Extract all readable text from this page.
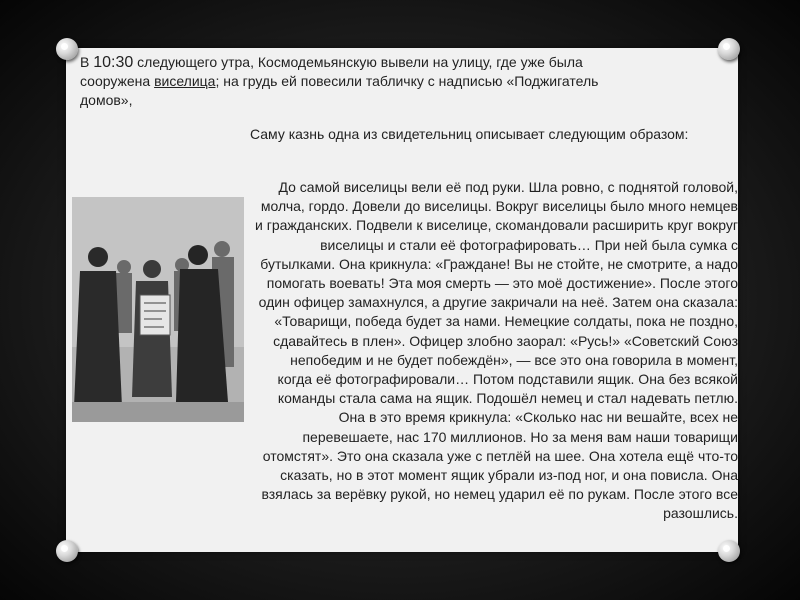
В 10:30 следующего утра, Космодемьянскую вывели на улицу, где уже была сооружена виселица; на грудь ей повесили табличку с надписью «Поджигатель домов»,
Саму казнь одна из свидетельниц описывает следующим образом:
До самой виселицы вели её под руки. Шла ровно, с поднятой головой, молча, гордо. Довели до виселицы. Вокруг виселицы было много немцев и гражданских. Подвели к виселице, скомандовали расширить круг вокруг виселицы и стали её фотографировать… При ней была сумка с бутылками. Она крикнула: «Граждане! Вы не стойте, не смотрите, а надо помогать воевать! Эта моя смерть — это моё достижение». После этого один офицер замахнулся, а другие закричали на неё. Затем она сказала: «Товарищи, победа будет за нами. Немецкие солдаты, пока не поздно, сдавайтесь в плен». Офицер злобно заорал: «Русь!» «Советский Союз непобедим и не будет побеждён», — все это она говорила в момент, когда её фотографировали… Потом подставили ящик. Она без всякой команды стала сама на ящик. Подошёл немец и стал надевать петлю. Она в это время крикнула: «Сколько нас ни вешайте, всех не перевешаете, нас 170 миллионов. Но за меня вам наши товарищи отомстят». Это она сказала уже с петлёй на шее. Она хотела ещё что-то сказать, но в этот момент ящик убрали из-под ног, и она повисла. Она взялась за верёвку рукой, но немец ударил её по рукам. После этого все разошлись.
